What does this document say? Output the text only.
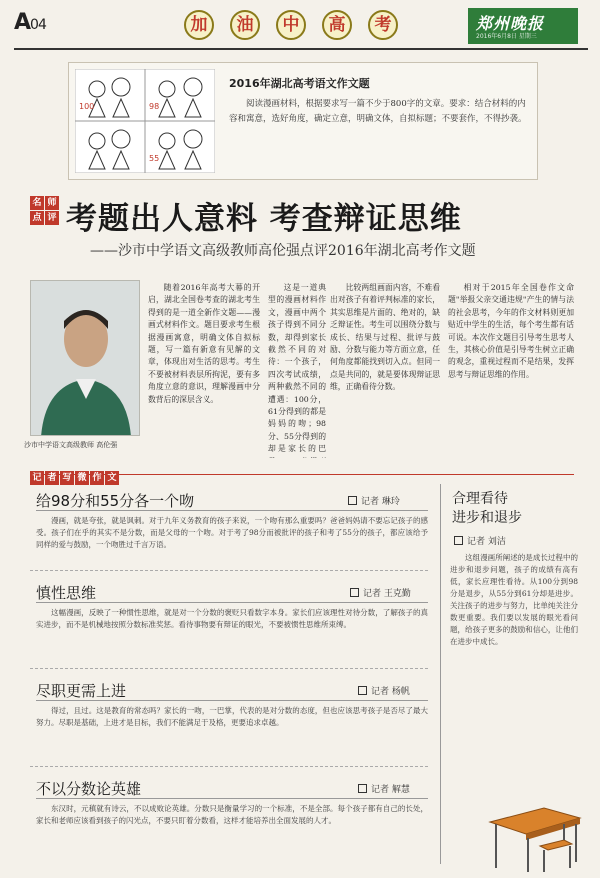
A04	加	油	中	高	考	郑州晚报
2016年6月8日 星期三
100	98
55
2016年湖北高考语文作文题
阅读漫画材料，根据要求写一篇不少于800字的文章。要求：结合材料的内容和寓意，选好角度，确定立意，明确文体，自拟标题；不要套作，不得抄袭。
名 师
点 评 考题出人意料 考查辩证思维
——沙市中学语文高级教师高伦强点评2016年湖北高考作文题
沙市中学语文高级教师 高伦强

随着2016年高考大幕的开启，湖北全国卷考查的湖北考生得到的是一道全新作文题——漫画式材料作文。题目要求考生根据漫画寓意，明确文体自拟标题，写一篇有新意有见解的文章，体现出对生活的思考。考生不要被材料表层所拘泥，要有多角度立意的意识，理解漫画中分数背后的深层含义。

这是一道典型的漫画材料作文，漫画中两个孩子得到不同分数，却得到家长截然不同的对待：一个孩子，四次考试成绩，两种截然不同的遭遇：100分，61分得到的都是妈妈的吻；98分、55分得到的却是家长的巴

比较两组画面内容，不难看出对孩子有着评判标准的家长，其实思维是片面的、绝对的，缺乏辩证性。考生可以围绕分数与成长、结果与过程、批评与鼓励、分数与能力等方面立意，任何角度都能找到切入点。但同一点是共同的，就是要体现辩证思维，正确看待分数。

相对于2015年全国卷作文命题"举报父亲交通违规"产生的情与法的社会思考，今年的作文材料则更加贴近中学生的生活，每个考生都有话可说。本次作文题目引导考生思考人生，其核心价值是引导考生树立正确的观念，重视过程而不是结果，发挥思考与辩证思维的作用。

记 者 写 微 作 文
给98分和55分各一个吻	记者 琳玲

漫画，就是夸张，就是讽刺。对于九年义务教育的孩子来说，一个吻有那么重要吗？爸爸妈妈请不要忘记孩子的感受。孩子们在乎的其实不是分数，而是父母的一个吻。对于考了98分而被批评的孩子和考了55分的孩子，都应该给予同样的爱与鼓励，一个吻胜过千言万语。

慎性思维	记者 王克勤

这幅漫画，反映了一种惯性思维，就是对一个分数的褒贬只看数字本身。家长们应该理性对待分数，了解孩子的真实进步，而不是机械地按照分数标准奖惩。看待事物要有辩证的眼光，不要被惯性思维所束缚。

尽职更需上进	记者 杨帆

得过，且过。这是教育的常态吗？家长的一吻，一巴掌，代表的是对分数的态度，但也应该思考孩子是否尽了最大努力。尽职是基础，上进才是目标，我们不能满足于及格，更要追求卓越。

不以分数论英雄	记者 解慧

东汉时，元稹就有诗云，不以成败论英雄。分数只是衡量学习的一个标准，不是全部。每个孩子都有自己的长处，家长和老师应该看到孩子的闪光点，不要只盯着分数看，这样才能培养出全面发展的人才。

合理看待
进步和退步
记者 刘洁

这组漫画所阐述的是成长过程中的进步和退步问题，孩子的成绩有高有低，家长应理性看待。从100分到98分是退步，从55分到61分却是进步。关注孩子的进步与努力，比单纯关注分数更重要。我们要以发展的眼光看问题，给孩子更多的鼓励和信心，让他们在进步中成长。
